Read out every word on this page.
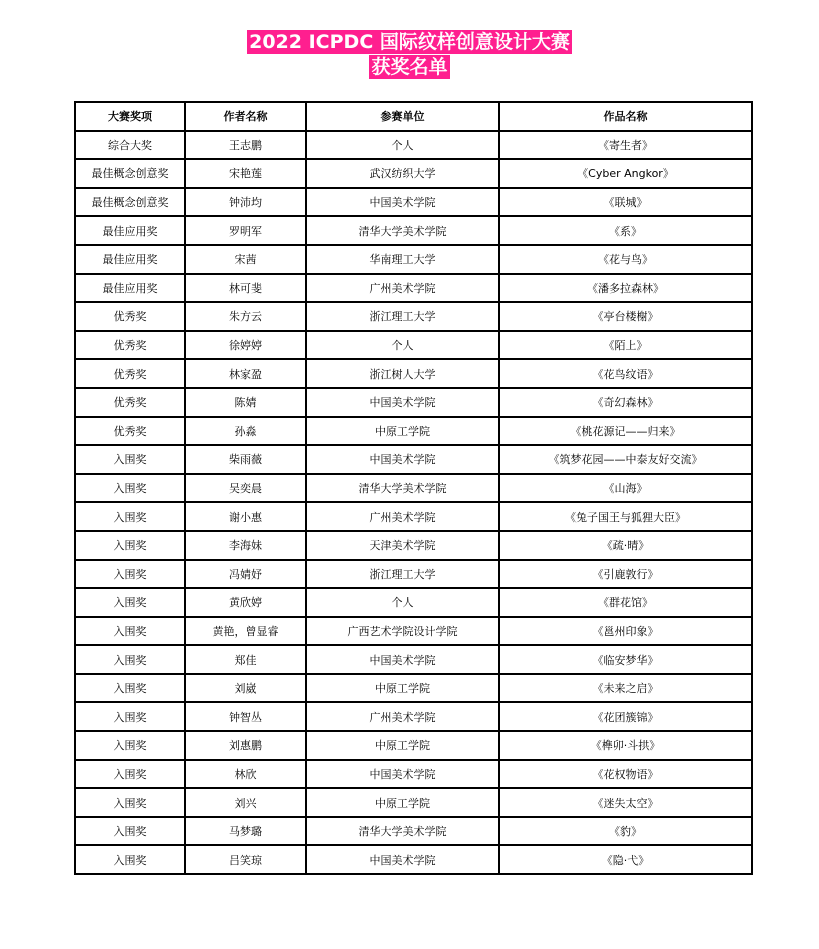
2022 ICPDC 国际纹样创意设计大赛
获奖名单
大赛奖项	作者名称	参赛单位	作品名称
综合大奖	王志鹏	个人	《寄生者》
最佳概念创意奖	宋艳莲	武汉纺织大学	《Cyber Angkor》
最佳概念创意奖	钟沛均	中国美术学院	《联城》
最佳应用奖	罗明军	清华大学美术学院	《系》
最佳应用奖	宋茜	华南理工大学	《花与鸟》
最佳应用奖	林可斐	广州美术学院	《潘多拉森林》
优秀奖	朱方云	浙江理工大学	《亭台楼榭》
优秀奖	徐婷婷	个人	《陌上》
优秀奖	林家盈	浙江树人大学	《花鸟纹语》
优秀奖	陈婧	中国美术学院	《奇幻森林》
优秀奖	孙淼	中原工学院	《桃花源记——归来》
入围奖	柴雨薇	中国美术学院	《筑梦花园——中泰友好交流》
入围奖	吴奕晨	清华大学美术学院	《山海》
入围奖	谢小惠	广州美术学院	《兔子国王与狐狸大臣》
入围奖	李海妹	天津美术学院	《疏·晴》
入围奖	冯婧妤	浙江理工大学	《引鹿敦行》
入围奖	黄欣婷	个人	《群花馆》
入围奖	黄艳，曾显睿	广西艺术学院设计学院	《邕州印象》
入围奖	郑佳	中国美术学院	《临安梦华》
入围奖	刘崴	中原工学院	《未来之启》
入围奖	钟智丛	广州美术学院	《花团簇锦》
入围奖	刘惠鹏	中原工学院	《榫卯·斗拱》
入围奖	林欣	中国美术学院	《花权物语》
入围奖	刘兴	中原工学院	《迷失太空》
入围奖	马梦璐	清华大学美术学院	《豹》
入围奖	吕笑琼	中国美术学院	《隐·弋》
